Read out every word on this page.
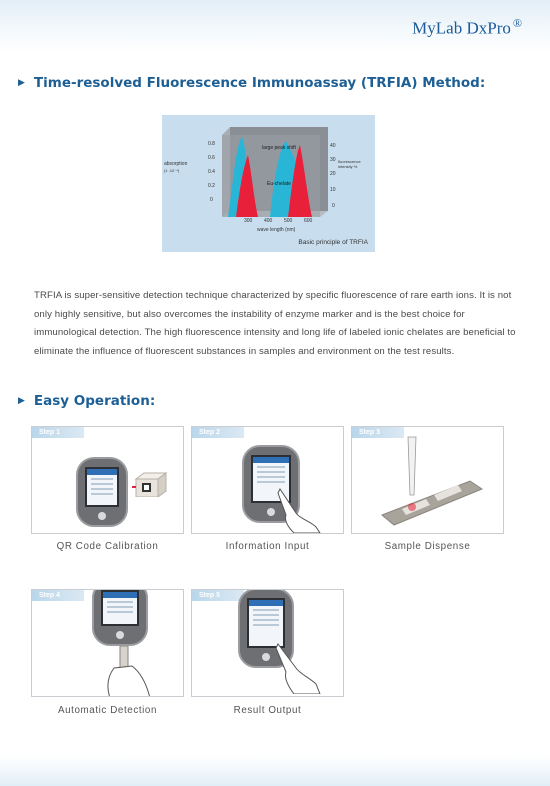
MyLab DxPro ®
▶ Time-resolved Fluorescence Immunoassay (TRFIA) Method:
0.8
0.6
0.4
0.2
0
40
30
20
10
0
300 400 500 600
absorption
(1 .10⁻⁴)
wave length (nm)
large peak shift
Eu-chelate
fluorescence intensity %
Basic principle of TRFIA

TRFIA is super-sensitive detection technique characterized by specific fluorescence of rare earth ions. It is not only highly sensitive, but also overcomes the instability of enzyme marker and is the best choice for immunological detection. The high fluorescence intensity and long life of labeled ionic chelates are beneficial to eliminate the influence of fluorescent substances in samples and environment on the test results.

▶ Easy Operation:
Step 1
QR Code Calibration
Step 2
Information Input
Step 3
Sample Dispense
Step 4
Automatic Detection
Step 5
Result Output
